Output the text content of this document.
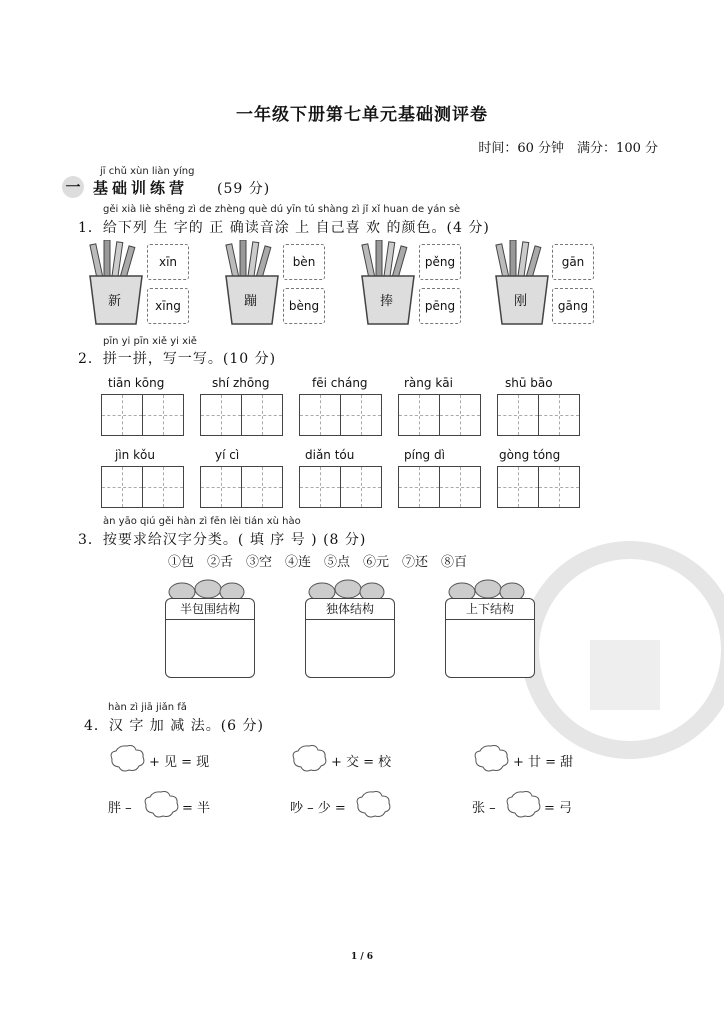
一年级下册第七单元基础测评卷
时间：60 分钟　满分：100 分
jī chǔ xùn liàn yíng
一 基础训练营 (59 分)
gěi xià liè shēng zì de zhèng què dú yīn tú shàng zì jǐ xǐ huan de yán sè
1．给下列 生 字的 正 确读音涂 上 自己喜 欢 的颜色。(4 分)
新
xīn
xīng	蹦
bèn
bèng	捧
pěng
pēng	刚
gān
gāng
pīn yi pīn xiě yi xiě
2．拼一拼，写一写。(10 分)
tiān kōng	shí zhōng	fēi cháng	ràng kāi	shū bāo
jìn kǒu	yí cì	diǎn tóu	píng dì	gòng tóng
àn yāo qiú gěi hàn zì fēn lèi tián xù hào
3．按要求给汉字分类。( 填 序 号 ) (8 分)
①包　②舌　③空　④连　⑤点　⑥元　⑦还　⑧百
半包围结构	独体结构	上下结构
hàn zì jiā jiǎn fǎ
4．汉 字 加 减 法。(6 分)
+ 见 = 现	+ 交 = 校	+ 廿 = 甜
胖 –	= 半	吵 – 少 =	张 –	= 弓
1 / 6
